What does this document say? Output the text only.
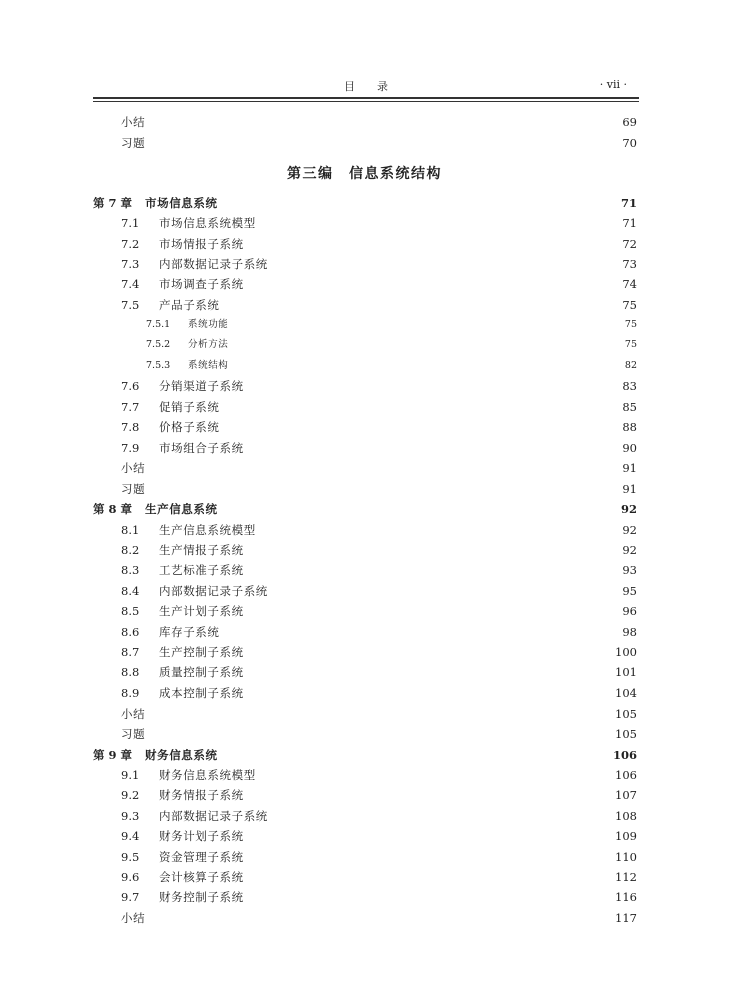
目录	· vii ·
第三编　信息系统结构
小结	69
习题	70
第 7 章	市场信息系统	71
7.1	市场信息系统模型	71
7.2	市场情报子系统	72
7.3	内部数据记录子系统	73
7.4	市场调查子系统	74
7.5	产品子系统	75
7.5.1	系统功能	75
7.5.2	分析方法	75
7.5.3	系统结构	82
7.6	分销渠道子系统	83
7.7	促销子系统	85
7.8	价格子系统	88
7.9	市场组合子系统	90
小结	91
习题	91
第 8 章	生产信息系统	92
8.1	生产信息系统模型	92
8.2	生产情报子系统	92
8.3	工艺标准子系统	93
8.4	内部数据记录子系统	95
8.5	生产计划子系统	96
8.6	库存子系统	98
8.7	生产控制子系统	100
8.8	质量控制子系统	101
8.9	成本控制子系统	104
小结	105
习题	105
第 9 章	财务信息系统	106
9.1	财务信息系统模型	106
9.2	财务情报子系统	107
9.3	内部数据记录子系统	108
9.4	财务计划子系统	109
9.5	资金管理子系统	110
9.6	会计核算子系统	112
9.7	财务控制子系统	116
小结	117
